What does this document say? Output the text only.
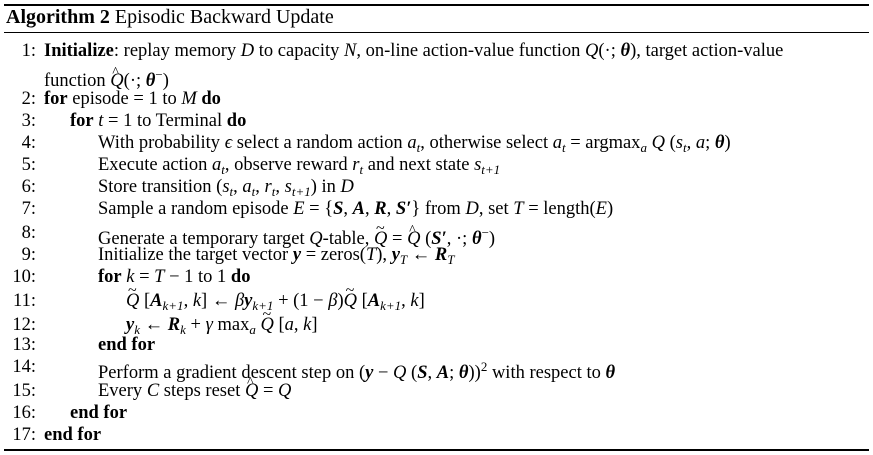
Algorithm 2 Episodic Backward Update
1: Initialize: replay memory D to capacity N, on-line action-value function Q(·; θ), target action-value
function Q ^(·; θ−)
2: for episode = 1 to M do
3: for t = 1 to Terminal do
4:	With probability ϵ select a random action $a_t$, otherwise select $a_t = argmax_a$ Q ($s_t$, a; θ)
5:	Execute action $a_t$, observe reward $r_t$ and next state $s_{t+1}$
6:	Store transition ($s_t$, $a_t$, $r_t$, $s_{t+1}$) in D
7:	Sample a random episode E = {S, A, R, S′} from D, set T = length(E)
8:	Generate a temporary target Q-table, Q ~ = Q ^ (S′, ·; θ−)
9:	Initialize the target vector y = zeros(T), $y_T$ ← $R_T$
10:	for k = T − 1 to 1 do
11:	Q ~ [$A_{k+1}$, k] ← $\beta y_{k+1} + (1 - \beta)Q$ ~ [$A_{k+1}$, k]
12:	$y_k$ ← $R_k + \gamma$ $\max_a Q$ ~ [a, k]
13:	end for
14:	Perform a gradient descent step on (y − Q (S, A; θ))$^2$ with respect to θ
15:	Every C steps reset Q ^ = Q
16: end for
17: end for
